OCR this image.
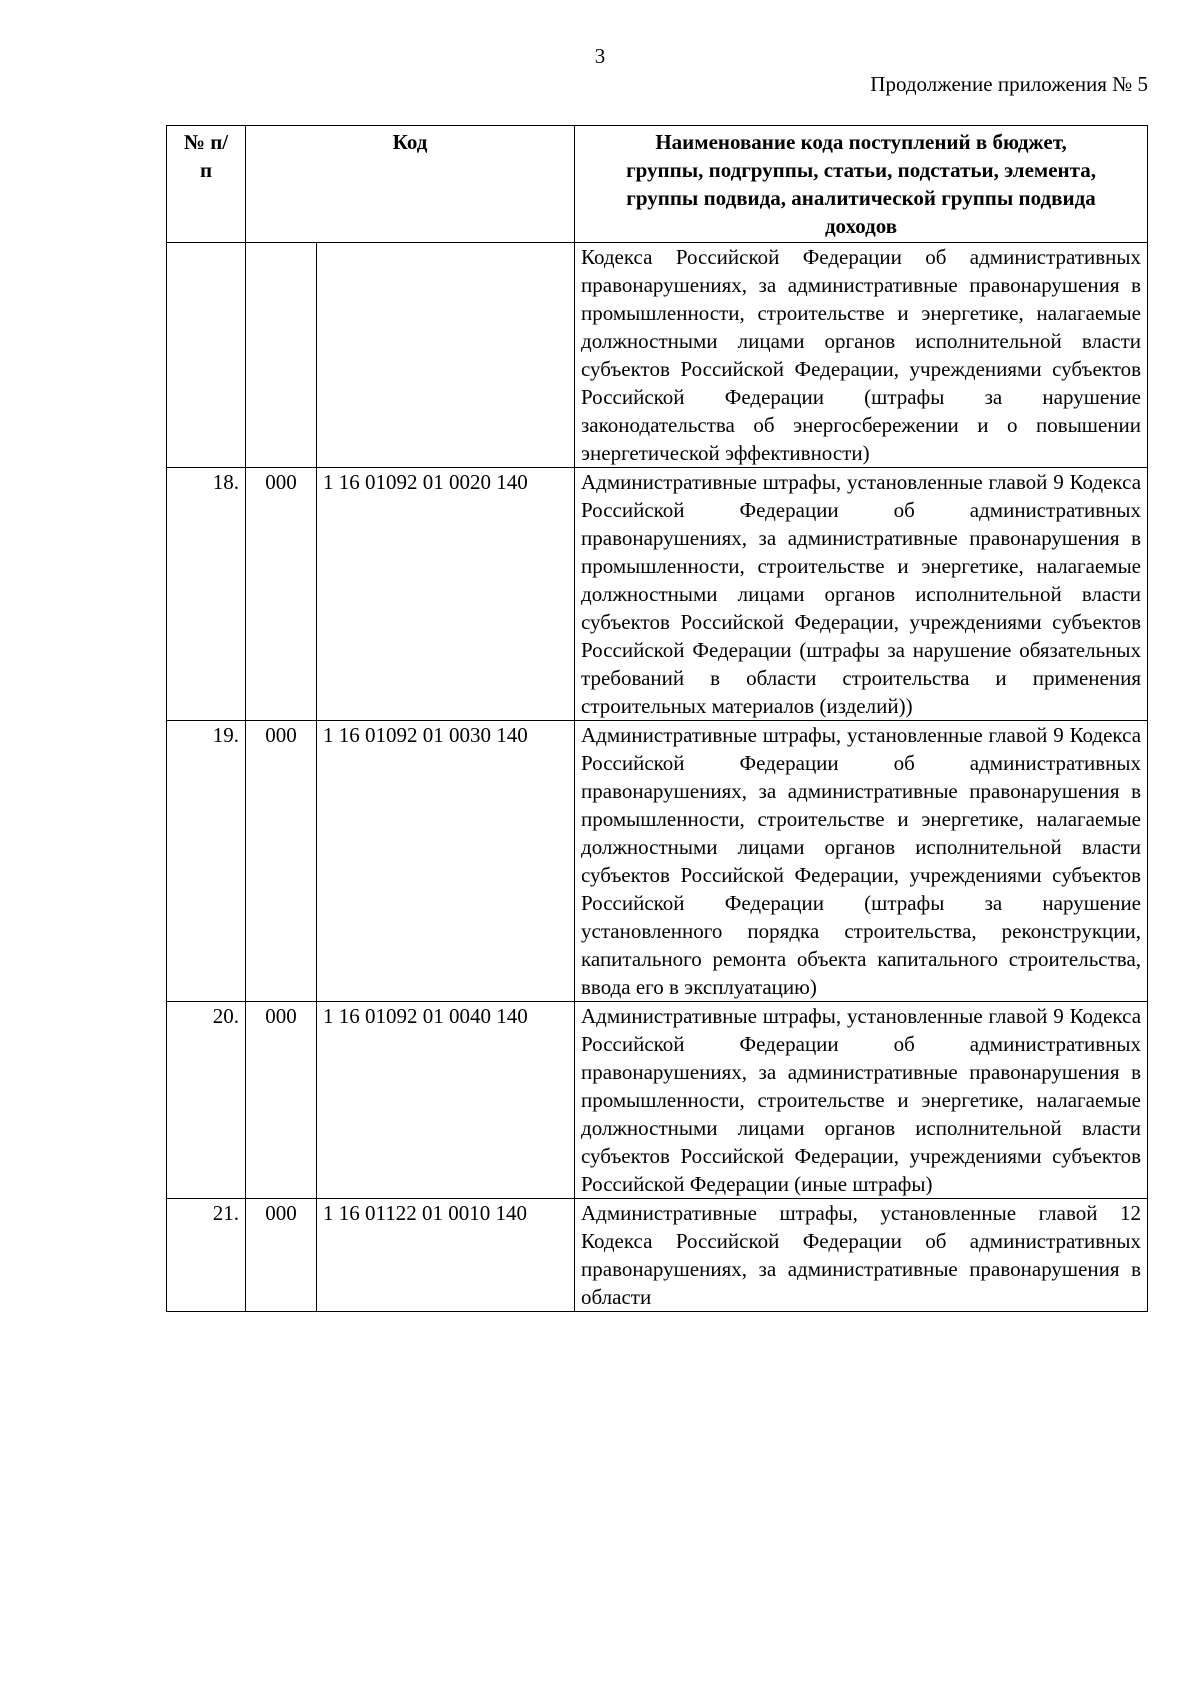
3
Продолжение приложения № 5
№ п/п	Код		Наименование кода поступлений в бюджет, группы, подгруппы, статьи, подстатьи, элемента, группы подвида, аналитической группы подвида доходов
			Кодекса Российской Федерации об административных правонарушениях, за административные правонарушения в промышленности, строительстве и энергетике, налагаемые должностными лицами органов исполнительной власти субъектов Российской Федерации, учреждениями субъектов Российской Федерации (штрафы за нарушение законодательства об энергосбережении и о повышении энергетической эффективности)
18.	000	1 16 01092 01 0020 140	Административные штрафы, установленные главой 9 Кодекса Российской Федерации об административных правонарушениях, за административные правонарушения в промышленности, строительстве и энергетике, налагаемые должностными лицами органов исполнительной власти субъектов Российской Федерации, учреждениями субъектов Российской Федерации (штрафы за нарушение обязательных требований в области строительства и применения строительных материалов (изделий))
19.	000	1 16 01092 01 0030 140	Административные штрафы, установленные главой 9 Кодекса Российской Федерации об административных правонарушениях, за административные правонарушения в промышленности, строительстве и энергетике, налагаемые должностными лицами органов исполнительной власти субъектов Российской Федерации, учреждениями субъектов Российской Федерации (штрафы за нарушение установленного порядка строительства, реконструкции, капитального ремонта объекта капитального строительства, ввода его в эксплуатацию)
20.	000	1 16 01092 01 0040 140	Административные штрафы, установленные главой 9 Кодекса Российской Федерации об административных правонарушениях, за административные правонарушения в промышленности, строительстве и энергетике, налагаемые должностными лицами органов исполнительной власти субъектов Российской Федерации, учреждениями субъектов Российской Федерации (иные штрафы)
21.	000	1 16 01122 01 0010 140	Административные штрафы, установленные главой 12 Кодекса Российской Федерации об административных правонарушениях, за административные правонарушения в области
